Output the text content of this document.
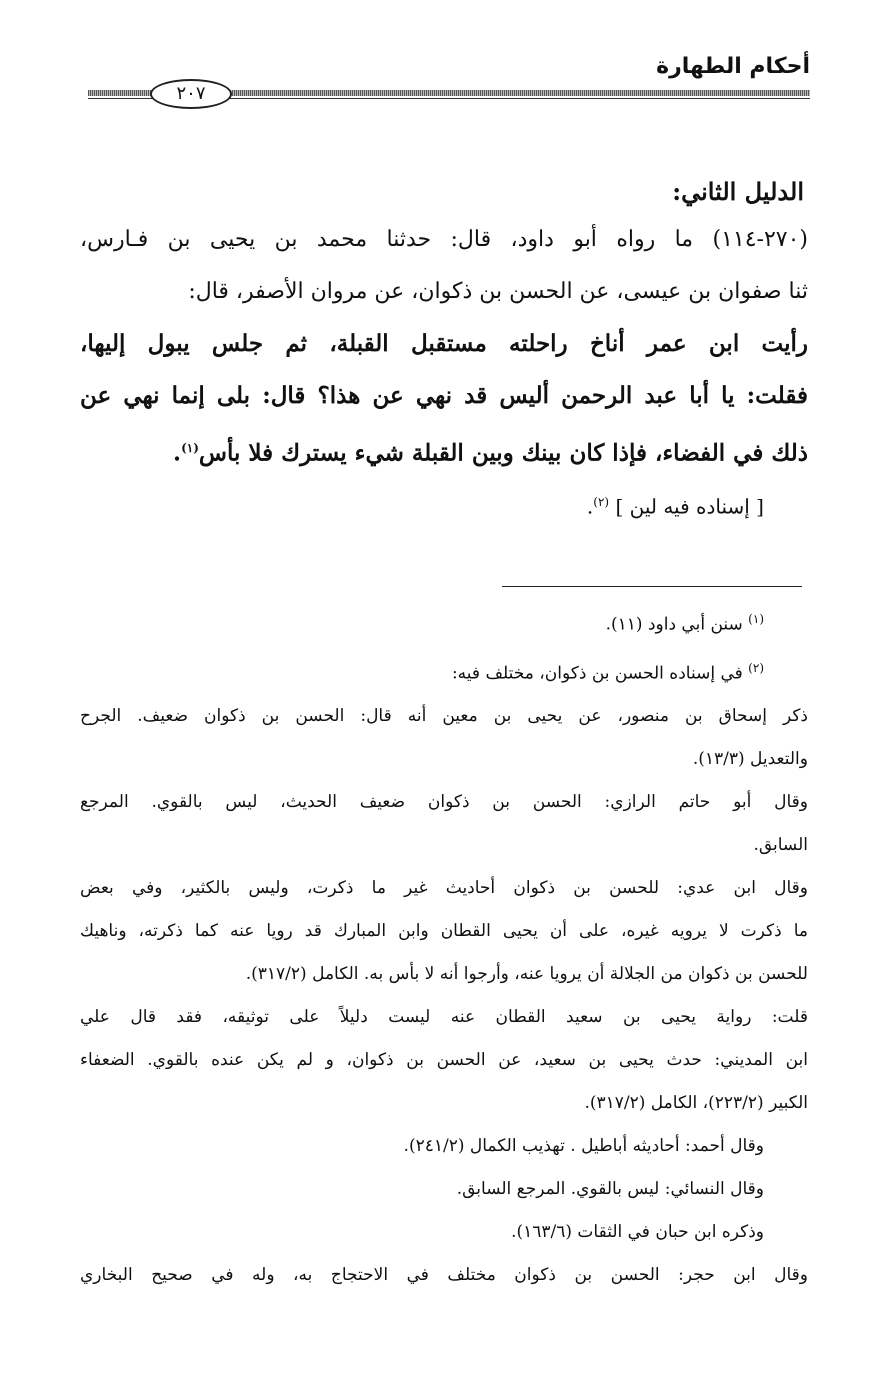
أحكام الطهارة
٢٠٧
الدليل الثاني:
(٢٧٠-١١٤) ما رواه أبو داود، قال: حدثنا محمد بن يحيى بن فـارس،
ثنا صفوان بن عيسى، عن الحسن بن ذكوان، عن مروان الأصفر، قال:
رأيت ابن عمر أناخ راحلته مستقبل القبلة، ثم جلس يبول إليها،
فقلت: يا أبا عبد الرحمن أليس قد نهي عن هذا؟ قال: بلى إنما نهي عن
ذلك في الفضاء، فإذا كان بينك وبين القبلة شيء يسترك فلا بأس$^{(١)}$.
[ إسناده فيه لين ] $^{(٢)}$.
$^{(١)}$ سنن أبي داود (١١).
$^{(٢)}$ في إسناده الحسن بن ذكوان، مختلف فيه:
ذكر إسحاق بن منصور، عن يحيى بن معين أنه قال: الحسن بن ذكوان ضعيف. الجرح
والتعديل (١٣/٣).
وقال أبو حاتم الرازي: الحسن بن ذكوان ضعيف الحديث، ليس بالقوي. المرجع
السابق.
وقال ابن عدي: للحسن بن ذكوان أحاديث غير ما ذكرت، وليس بالكثير، وفي بعض
ما ذكرت لا يرويه غيره، على أن يحيى القطان وابن المبارك قد رويا عنه كما ذكرته، وناهيك
للحسن بن ذكوان من الجلالة أن يرويا عنه، وأرجوا أنه لا بأس به. الكامل (٣١٧/٢).
قلت: رواية يحيى بن سعيد القطان عنه ليست دليلاً على توثيقه، فقد قال علي
ابن المديني: حدث يحيى بن سعيد، عن الحسن بن ذكوان، و لم يكن عنده بالقوي. الضعفاء
الكبير (٢٢٣/٢)، الكامل (٣١٧/٢).
وقال أحمد: أحاديثه أباطيل . تهذيب الكمال (٢٤١/٢).
وقال النسائي: ليس بالقوي. المرجع السابق.
وذكره ابن حبان في الثقات (١٦٣/٦).
وقال ابن حجر: الحسن بن ذكوان مختلف في الاحتجاج به، وله في صحيح البخاري
